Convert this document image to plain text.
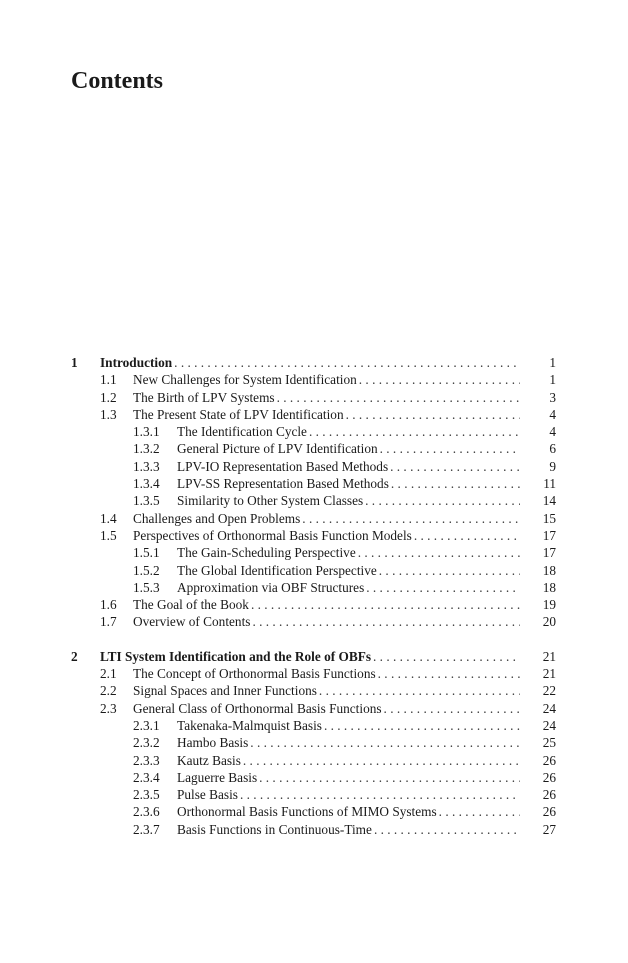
Contents
1 Introduction . . .	1
1.1 New Challenges for System Identification . . .	1
1.2 The Birth of LPV Systems . . .	3
1.3 The Present State of LPV Identification . . .	4
1.3.1 The Identification Cycle . . .	4
1.3.2 General Picture of LPV Identification . . .	6
1.3.3 LPV-IO Representation Based Methods . . .	9
1.3.4 LPV-SS Representation Based Methods . . .	11
1.3.5 Similarity to Other System Classes . . .	14
1.4 Challenges and Open Problems . . .	15
1.5 Perspectives of Orthonormal Basis Function Models . . .	17
1.5.1 The Gain-Scheduling Perspective . . .	17
1.5.2 The Global Identification Perspective . . .	18
1.5.3 Approximation via OBF Structures . . .	18
1.6 The Goal of the Book . . .	19
1.7 Overview of Contents . . .	20
2 LTI System Identification and the Role of OBFs . . .	21
2.1 The Concept of Orthonormal Basis Functions . . .	21
2.2 Signal Spaces and Inner Functions . . .	22
2.3 General Class of Orthonormal Basis Functions . . .	24
2.3.1 Takenaka-Malmquist Basis . . .	24
2.3.2 Hambo Basis . . .	25
2.3.3 Kautz Basis . . .	26
2.3.4 Laguerre Basis . . .	26
2.3.5 Pulse Basis . . .	26
2.3.6 Orthonormal Basis Functions of MIMO Systems . . .	26
2.3.7 Basis Functions in Continuous-Time . . .	27
